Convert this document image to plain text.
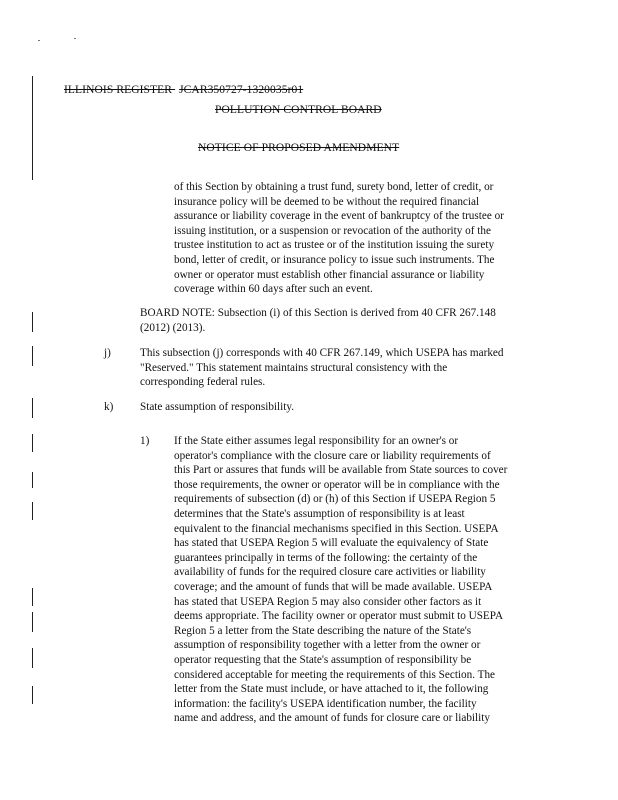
ILLINOIS REGISTER JCAR350727-1320035r01
POLLUTION CONTROL BOARD
NOTICE OF PROPOSED AMENDMENT
of this Section by obtaining a trust fund, surety bond, letter of credit, or
insurance policy will be deemed to be without the required financial
assurance or liability coverage in the event of bankruptcy of the trustee or
issuing institution, or a suspension or revocation of the authority of the
trustee institution to act as trustee or of the institution issuing the surety
bond, letter of credit, or insurance policy to issue such instruments. The
owner or operator must establish other financial assurance or liability
coverage within 60 days after such an event.
BOARD NOTE: Subsection (i) of this Section is derived from 40 CFR 267.148
(2012) (2013).
j)	This subsection (j) corresponds with 40 CFR 267.149, which USEPA has marked
"Reserved." This statement maintains structural consistency with the
corresponding federal rules.
k) State assumption of responsibility.
1) If the State either assumes legal responsibility for an owner's or
operator's compliance with the closure care or liability requirements of
this Part or assures that funds will be available from State sources to cover
those requirements, the owner or operator will be in compliance with the
requirements of subsection (d) or (h) of this Section if USEPA Region 5
determines that the State's assumption of responsibility is at least
equivalent to the financial mechanisms specified in this Section. USEPA
has stated that USEPA Region 5 will evaluate the equivalency of State
guarantees principally in terms of the following: the certainty of the
availability of funds for the required closure care activities or liability
coverage; and the amount of funds that will be made available. USEPA
has stated that USEPA Region 5 may also consider other factors as it
deems appropriate. The facility owner or operator must submit to USEPA
Region 5 a letter from the State describing the nature of the State's
assumption of responsibility together with a letter from the owner or
operator requesting that the State's assumption of responsibility be
considered acceptable for meeting the requirements of this Section. The
letter from the State must include, or have attached to it, the following
information: the facility's USEPA identification number, the facility
name and address, and the amount of funds for closure care or liability
